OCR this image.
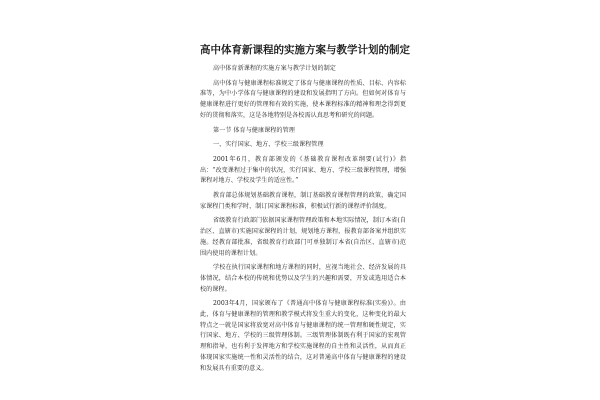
高中体育新课程的实施方案与教学计划的制定

高中体育新课程的实施方案与教学计划的制定

高中体育与健康课程标准规定了体育与健康课程的性质、目标、内容标准等，为中小学体育与健康课程的建设和发展指明了方向。但如何对体育与健康课程进行更好的管理和有效的实施，使本课程标准的精神和理念得到更好的贯彻和落实，这是各地特别是各校需认真思考和研究的问题。

第一节 体育与健康课程的管理

一、实行国家、地方、学校三级课程管理

2001年6月，教育部颁发的《基础教育课程改革纲要(试行)》指出：“改变课程过于集中的状况，实行国家、地方、学校三级课程管理，增强课程对地方、学校及学生的适应性。”

教育部总体规划基础教育课程，制订基础教育课程管理的政策，确定国家课程门类和学时，制订国家课程标准，积极试行新的课程评价制度。

省级教育行政部门依据国家课程管理政策和本地实际情况，制订本省(自治区、直辖市)实施国家课程的计划，规划地方课程，报教育部备案并组织实施。经教育部批准，省级教育行政部门可单独制订本省(自治区、直辖市)范围内使用的课程计划。

学校在执行国家课程和地方课程的同时，应视当地社会、经济发展的具体情况，结合本校的传统和优势以及学生的兴趣和需要，开发或选用适合本校的课程。

2003年4月，国家颁布了《普通高中体育与健康课程标准(实验)》。由此，体育与健康课程的管理和教学模式将发生重大的变化，这种变化的最大特点之一就是国家将放宽对高中体育与健康课程的统一管理和硬性规定，实行国家、地方、学校的三级管理体制。三级管理体制既有利于国家的宏观管理和指导，也有利于发挥地方和学校实施课程的自主性和灵活性，从而真正体现国家实施统一性和灵活性的结合，这对普通高中体育与健康课程的建设和发展具有重要的意义。
